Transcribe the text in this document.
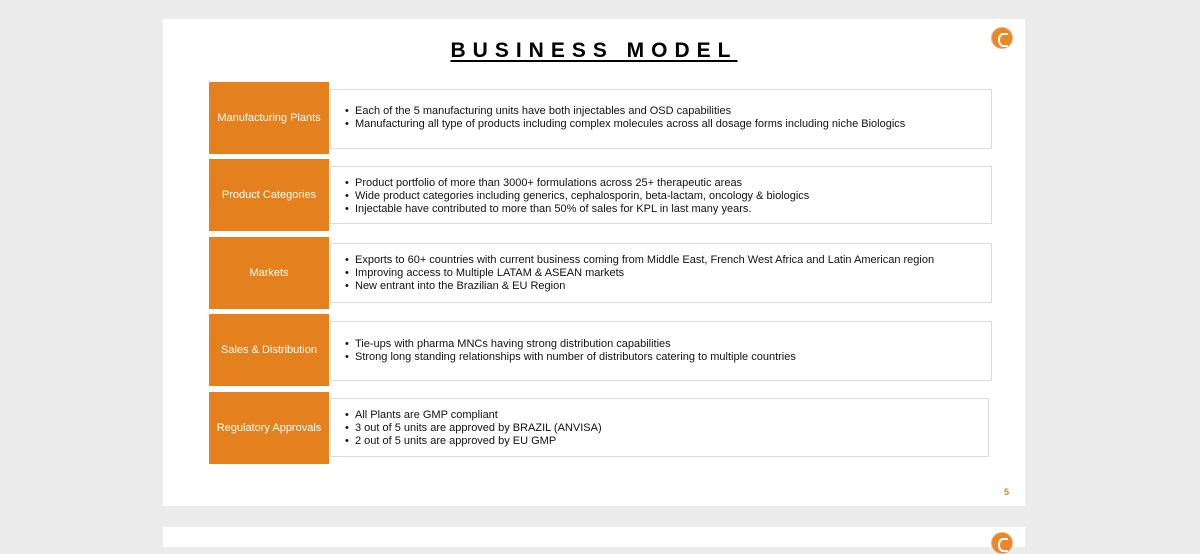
BUSINESS MODEL
Manufacturing Plants
• Each of the 5 manufacturing units have both injectables and OSD capabilities
• Manufacturing all type of products including complex molecules across all dosage forms including niche Biologics
Product Categories
• Product portfolio of more than 3000+ formulations across 25+ therapeutic areas
• Wide product categories including generics, cephalosporin, beta-lactam, oncology & biologics
• Injectable have contributed to more than 50% of sales for KPL in last many years.
Markets
• Exports to 60+ countries with current business coming from Middle East, French West Africa and Latin American region
• Improving access to Multiple LATAM & ASEAN markets
• New entrant into the Brazilian & EU Region
Sales & Distribution
•	Tie-ups with pharma MNCs having strong distribution capabilities
• Strong long standing relationships with number of distributors catering to multiple countries
Regulatory Approvals
• All Plants are GMP compliant
• 3 out of 5 units are approved by BRAZIL (ANVISA)
• 2 out of 5 units are approved by EU GMP
5
